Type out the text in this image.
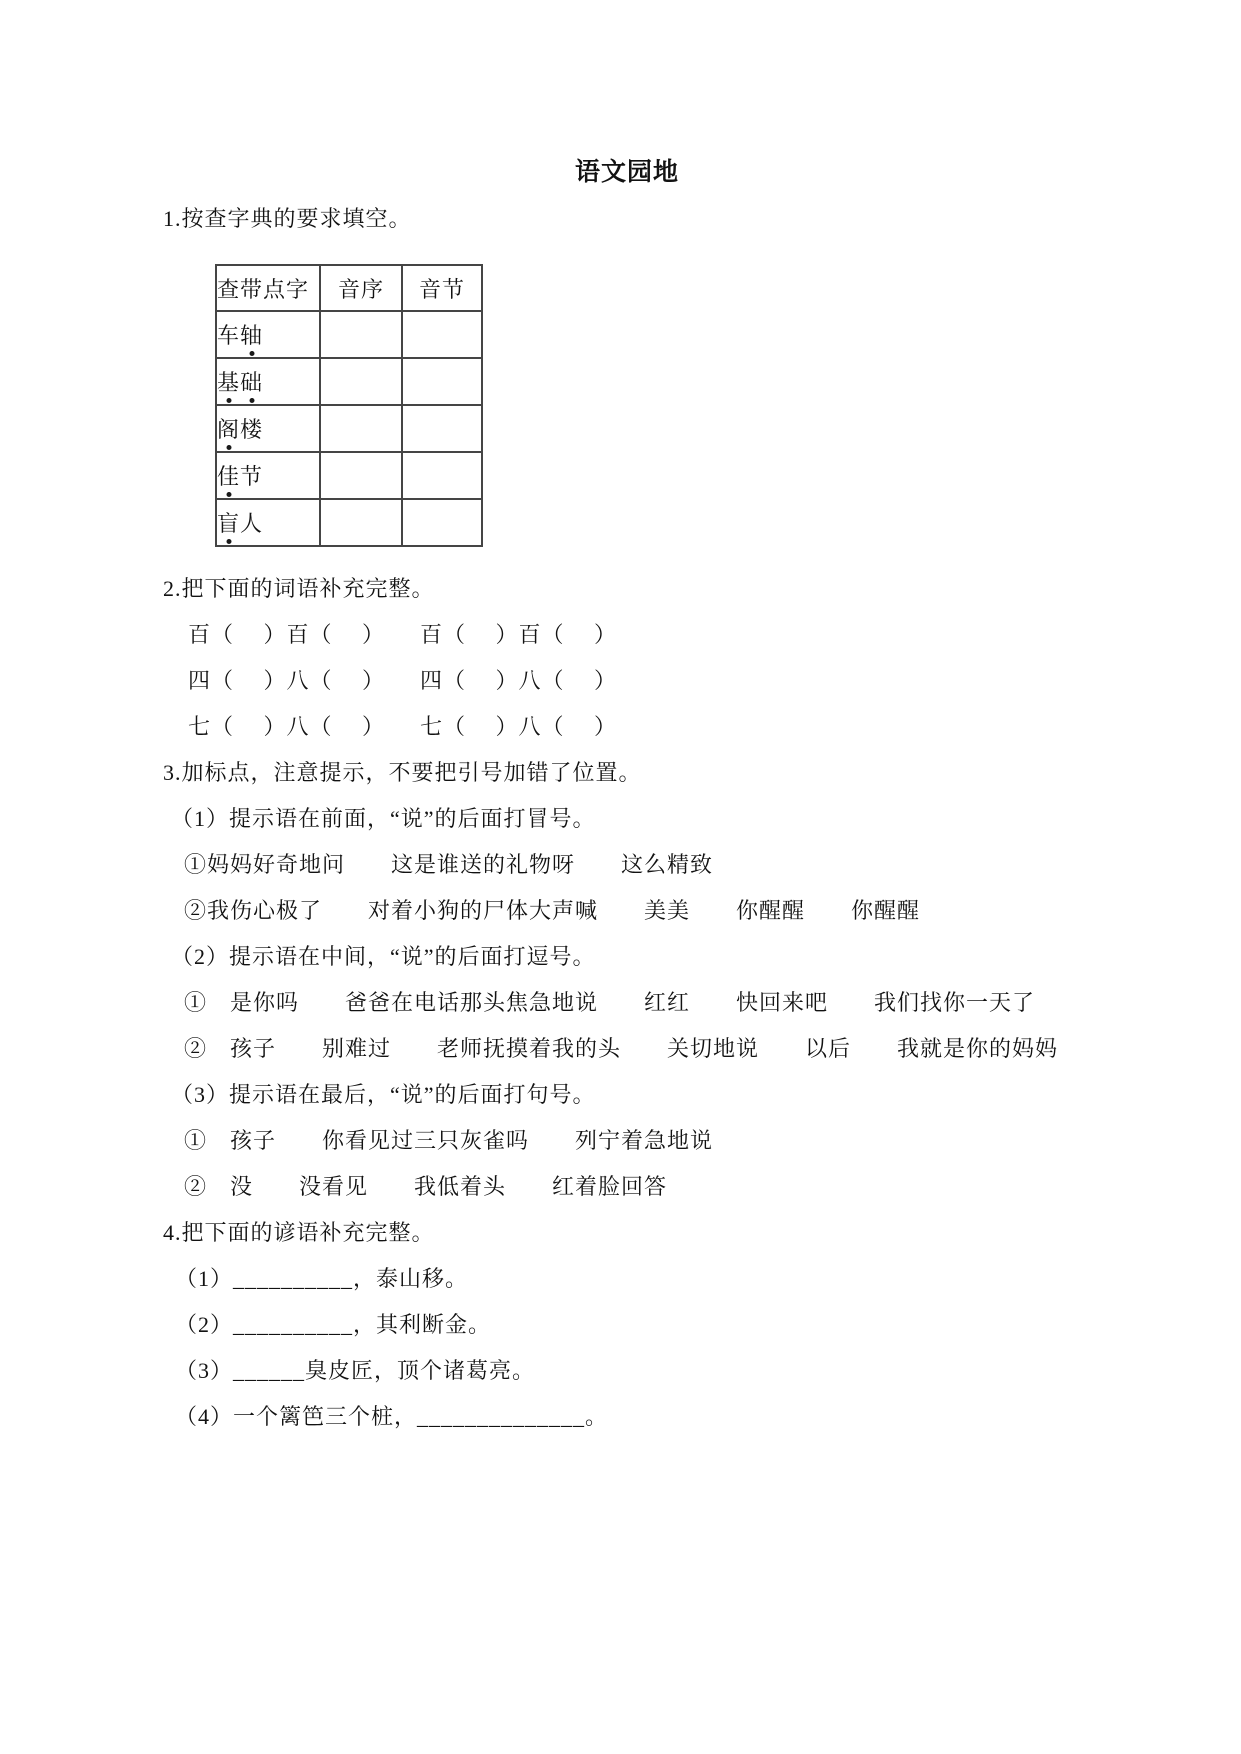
语文园地
1.按查字典的要求填空。
查带点字	音序	音节
车轴		
基础		
阁楼		
佳节		
盲人		
2.把下面的词语补充完整。
百（　 ）百（　 ）　　百（　 ）百（　 ）
四（　 ）八（　 ）　　四（　 ）八（　 ）
七（　 ）八（　 ）　　七（　 ）八（　 ）
3.加标点，注意提示，不要把引号加错了位置。
（1）提示语在前面，“说”的后面打冒号。
①妈妈好奇地问　　这是谁送的礼物呀　　这么精致
②我伤心极了　　对着小狗的尸体大声喊　　美美　　你醒醒　　你醒醒
（2）提示语在中间，“说”的后面打逗号。
①　是你吗　　爸爸在电话那头焦急地说　　红红　　快回来吧　　我们找你一天了
②　孩子　　别难过　　老师抚摸着我的头　　关切地说　　以后　　我就是你的妈妈
（3）提示语在最后，“说”的后面打句号。
①　孩子　　你看见过三只灰雀吗　　列宁着急地说
②　没　　没看见　　我低着头　　红着脸回答
4.把下面的谚语补充完整。
（1）__________，泰山移。
（2）__________，其利断金。
（3）______臭皮匠，顶个诸葛亮。
（4）一个篱笆三个桩，______________。
